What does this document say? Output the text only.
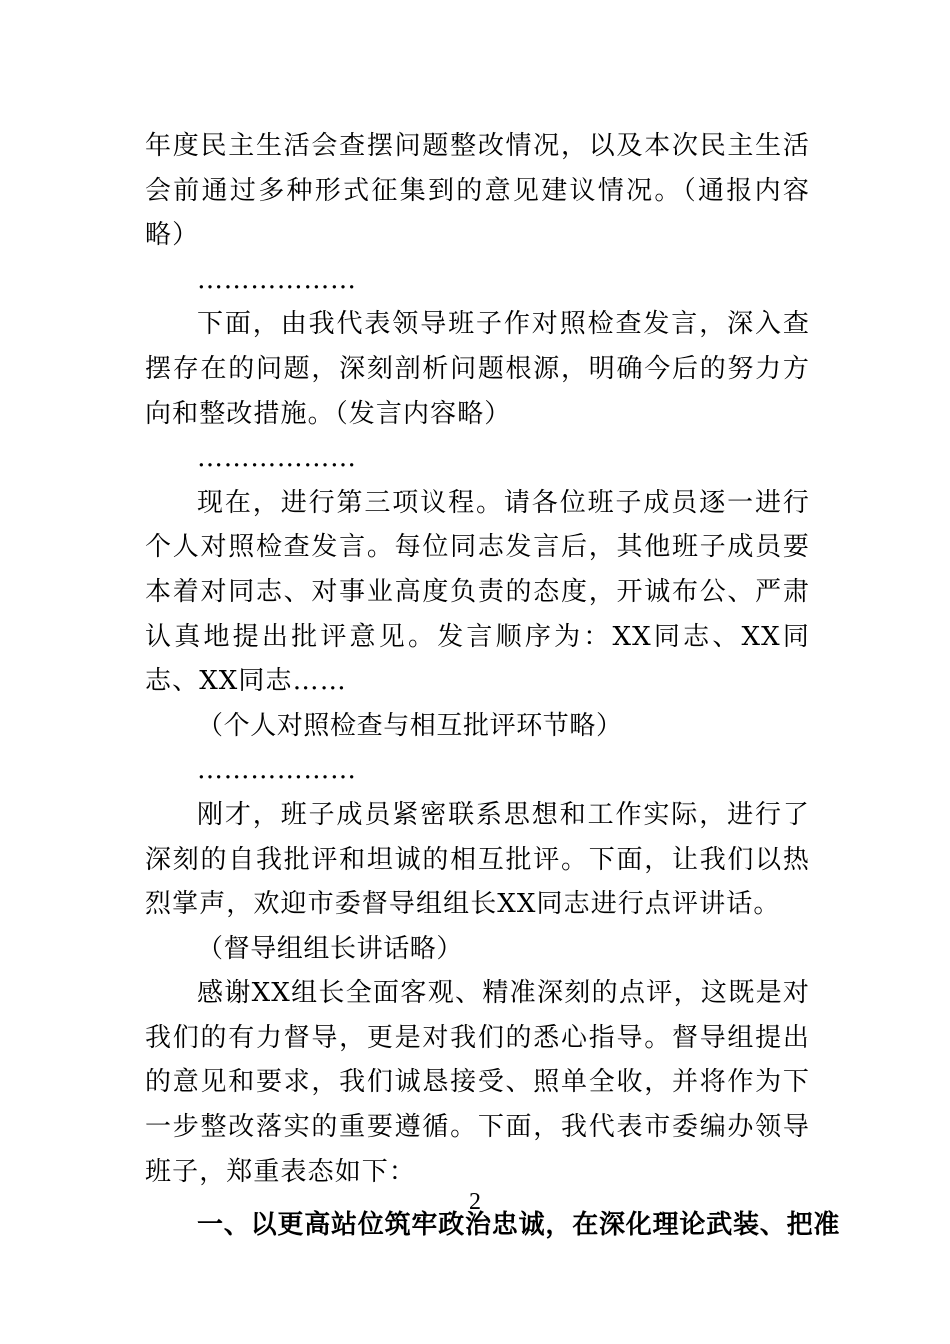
年度民主生活会查摆问题整改情况，以及本次民主生活会前通过多种形式征集到的意见建议情况。（通报内容略）

………………

下面，由我代表领导班子作对照检查发言，深入查摆存在的问题，深刻剖析问题根源，明确今后的努力方向和整改措施。（发言内容略）

………………

现在，进行第三项议程。请各位班子成员逐一进行个人对照检查发言。每位同志发言后，其他班子成员要本着对同志、对事业高度负责的态度，开诚布公、严肃认真地提出批评意见。发言顺序为：XX同志、XX同志、XX同志……

（个人对照检查与相互批评环节略）

………………

刚才，班子成员紧密联系思想和工作实际，进行了深刻的自我批评和坦诚的相互批评。下面，让我们以热烈掌声，欢迎市委督导组组长XX同志进行点评讲话。

（督导组组长讲话略）

感谢XX组长全面客观、精准深刻的点评，这既是对我们的有力督导，更是对我们的悉心指导。督导组提出的意见和要求，我们诚恳接受、照单全收，并将作为下一步整改落实的重要遵循。下面，我代表市委编办领导班子，郑重表态如下：

一、以更高站位筑牢政治忠诚，在深化理论武装、把准

2
